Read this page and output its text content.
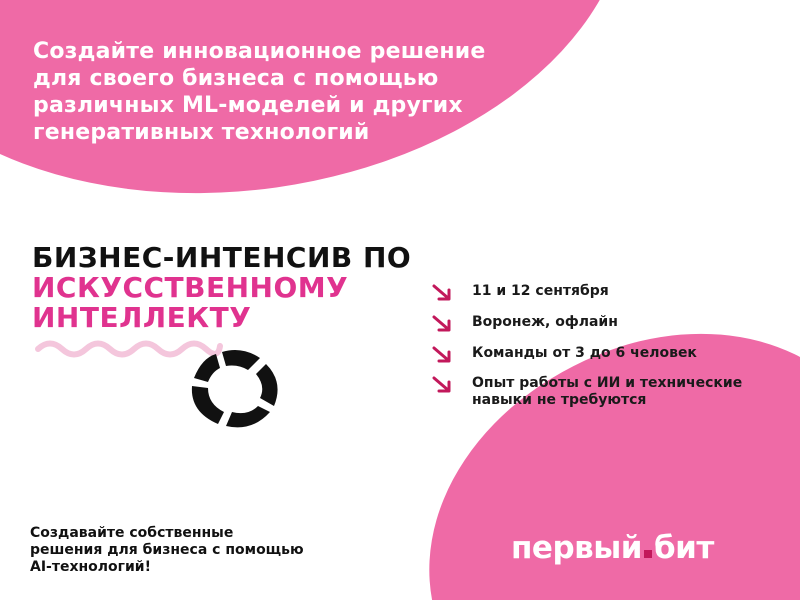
Создайте инновационное решение
для своего бизнеса с помощью
различных ML-моделей и других
генеративных технологий
БИЗНЕС-ИНТЕНСИВ ПО
ИСКУССТВЕННОМУ
ИНТЕЛЛЕКТУ
11 и 12 сентября
Воронеж, офлайн
Команды от 3 до 6 человек
Опыт работы с ИИ и технические навыки не требуются
Создавайте собственные
решения для бизнеса с помощью
AI-технологий!
первый бит
